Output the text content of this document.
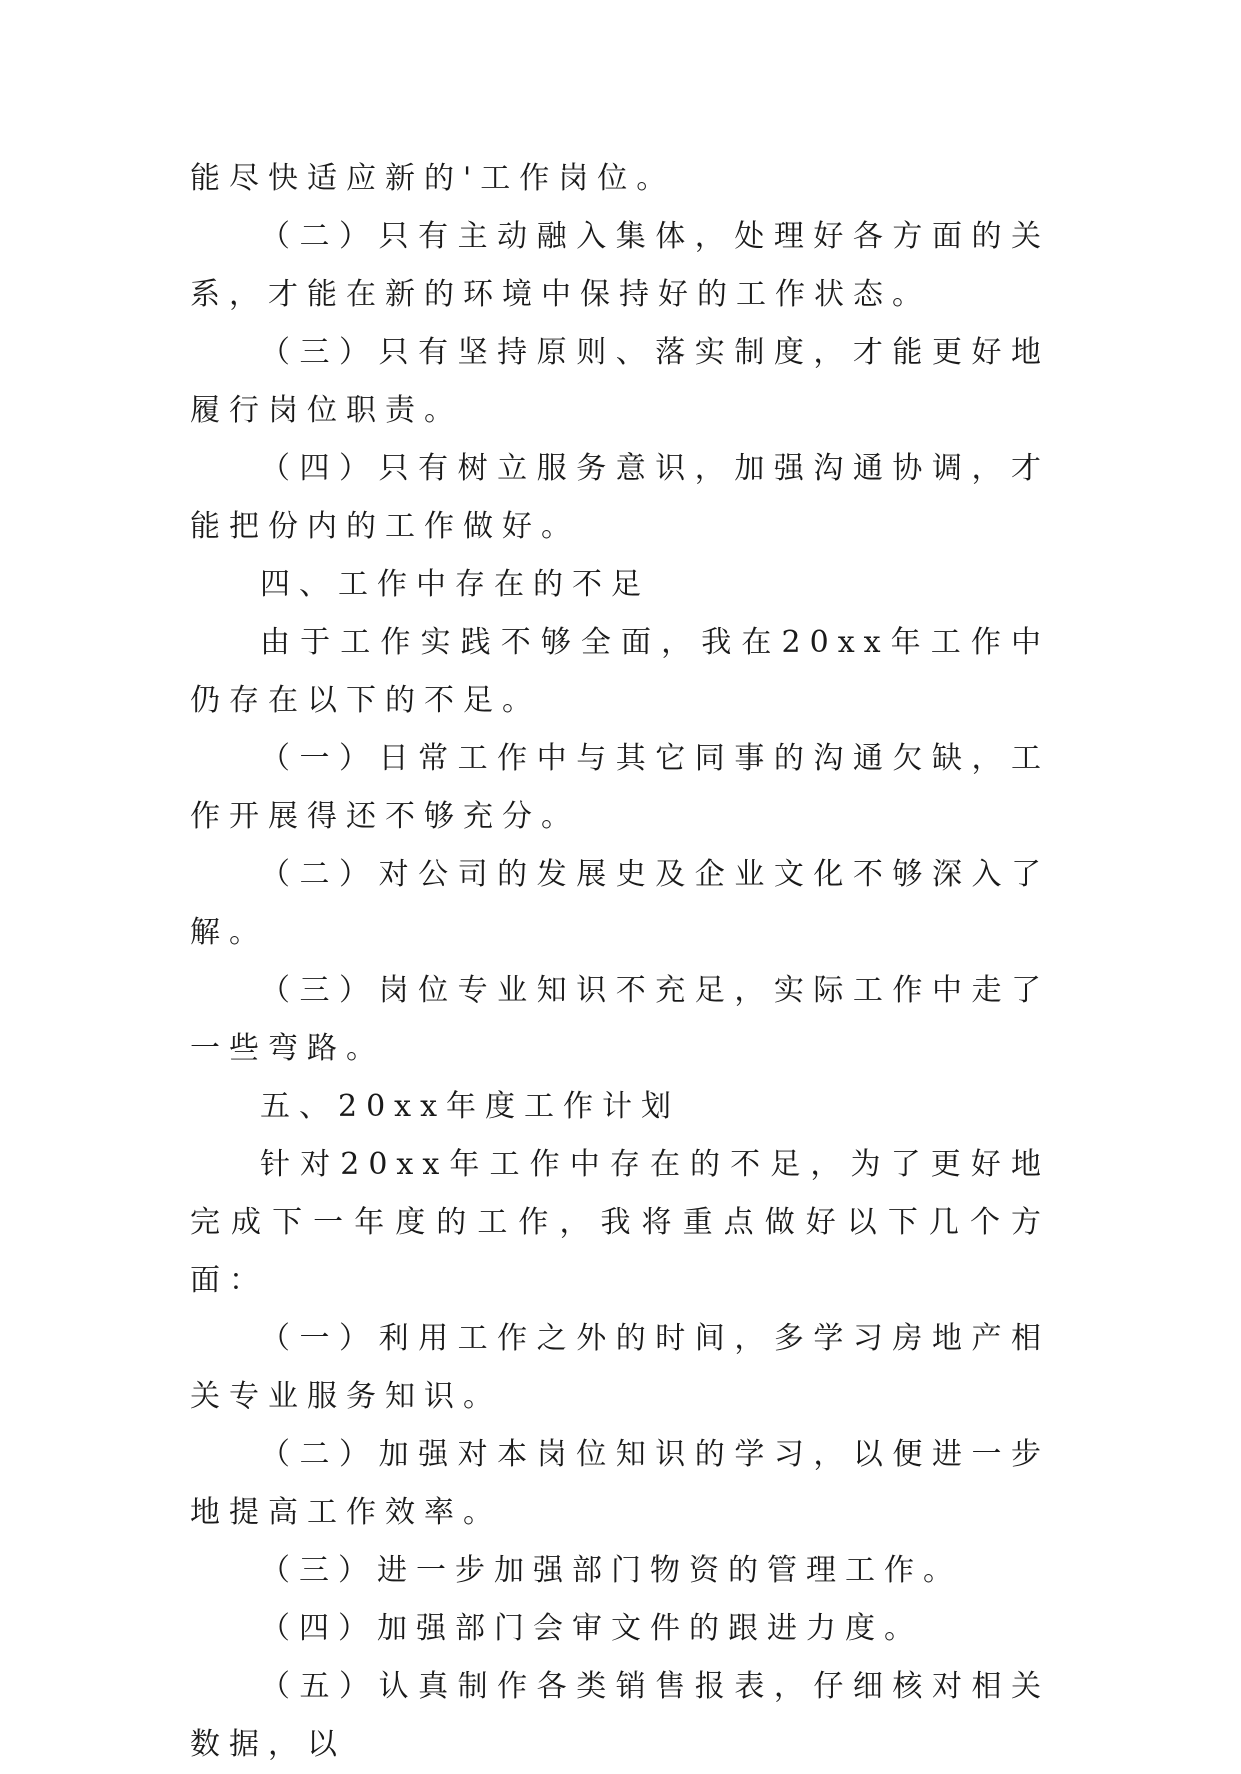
能尽快适应新的'工作岗位。

（二）只有主动融入集体，处理好各方面的关系，才能在新的环境中保持好的工作状态。

（三）只有坚持原则、落实制度，才能更好地履行岗位职责。

（四）只有树立服务意识，加强沟通协调，才能把份内的工作做好。

四、工作中存在的不足

由于工作实践不够全面，我在20xx年工作中仍存在以下的不足。

（一）日常工作中与其它同事的沟通欠缺，工作开展得还不够充分。

（二）对公司的发展史及企业文化不够深入了解。

（三）岗位专业知识不充足，实际工作中走了一些弯路。

五、20xx年度工作计划

针对20xx年工作中存在的不足，为了更好地完成下一年度的工作，我将重点做好以下几个方面：

（一）利用工作之外的时间，多学习房地产相关专业服务知识。

（二）加强对本岗位知识的学习，以便进一步地提高工作效率。

（三）进一步加强部门物资的管理工作。

（四）加强部门会审文件的跟进力度。

（五）认真制作各类销售报表，仔细核对相关数据，以
